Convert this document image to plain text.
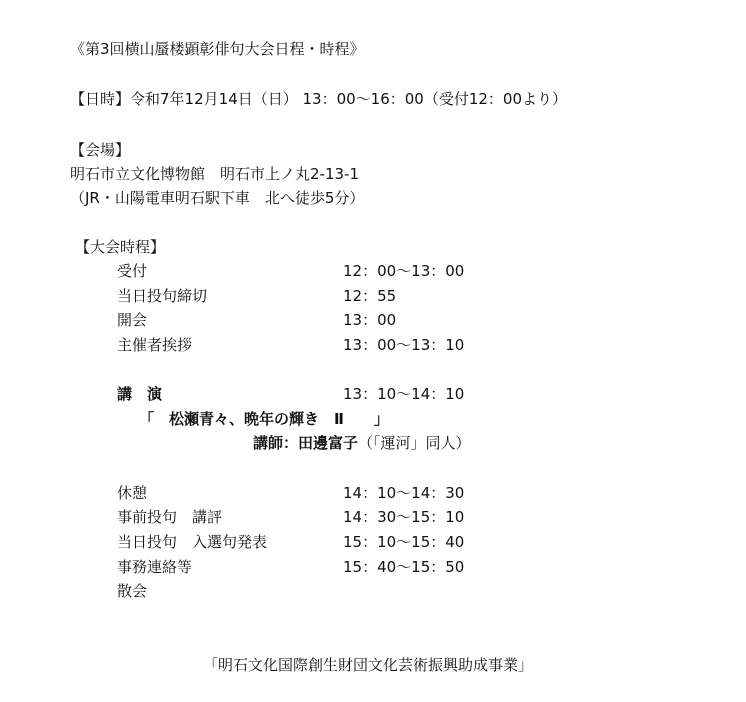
《第3回横山蜃楼顕彰俳句大会日程・時程》
【日時】令和7年12月14日（日） 13：00～16：00（受付12：00より）
【会場】
明石市立文化博物館　明石市上ノ丸2-13-1
（JR・山陽電車明石駅下車　北へ徒歩5分）
【大会時程】
受付	12：00～13：00
当日投句締切	12：55
開会	13：00
主催者挨拶	13：00～13：10
講　演	13：10～14：10
「　松瀬青々、晩年の輝き　Ⅱ　　」
講師：田邊富子（「運河」同人）
休憩	14：10～14：30
事前投句　講評	14：30～15：10
当日投句　入選句発表	15：10～15：40
事務連絡等	15：40～15：50
散会
「明石文化国際創生財団文化芸術振興助成事業」
